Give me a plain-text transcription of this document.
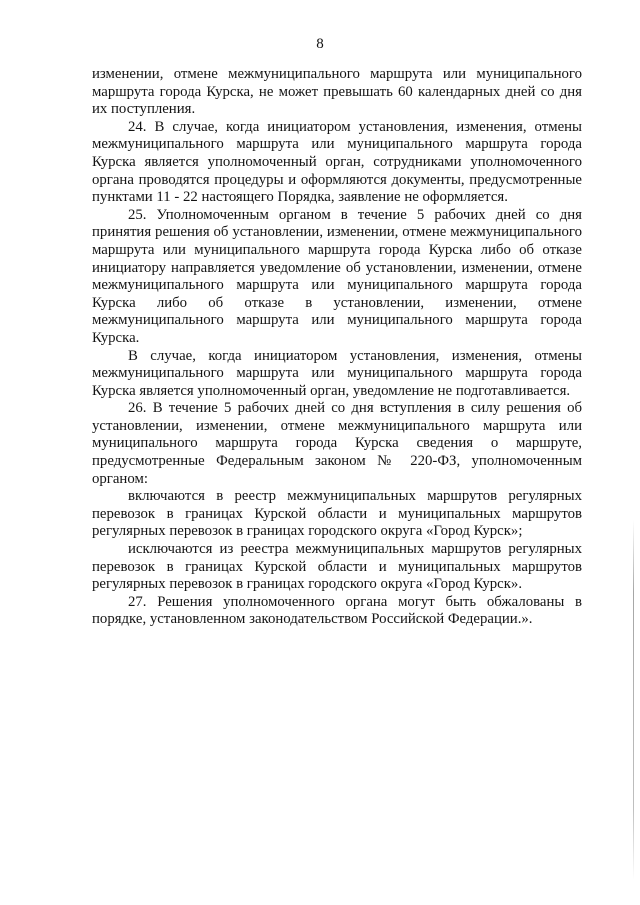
8

изменении, отмене межмуниципального маршрута или муниципального маршрута города Курска, не может превышать 60 календарных дней со дня их поступления.

24. В случае, когда инициатором установления, изменения, отмены межмуниципального маршрута или муниципального маршрута города Курска является уполномоченный орган, сотрудниками уполномоченного органа проводятся процедуры и оформляются документы, предусмотренные пунктами 11 - 22 настоящего Порядка, заявление не оформляется.

25. Уполномоченным органом в течение 5 рабочих дней со дня принятия решения об установлении, изменении, отмене межмуниципального маршрута или муниципального маршрута города Курска либо об отказе инициатору направляется уведомление об установлении, изменении, отмене межмуниципального маршрута или муниципального маршрута города Курска либо об отказе в установлении, изменении, отмене межмуниципального маршрута или муниципального маршрута города Курска.

В случае, когда инициатором установления, изменения, отмены межмуниципального маршрута или муниципального маршрута города Курска является уполномоченный орган, уведомление не подготавливается.

26. В течение 5 рабочих дней со дня вступления в силу решения об установлении, изменении, отмене межмуниципального маршрута или муниципального маршрута города Курска сведения о маршруте, предусмотренные Федеральным законом № 220-ФЗ, уполномоченным органом:

включаются в реестр межмуниципальных маршрутов регулярных перевозок в границах Курской области и муниципальных маршрутов регулярных перевозок в границах городского округа «Город Курск»;

исключаются из реестра межмуниципальных маршрутов регулярных перевозок в границах Курской области и муниципальных маршрутов регулярных перевозок в границах городского округа «Город Курск».

27. Решения уполномоченного органа могут быть обжалованы в порядке, установленном законодательством Российской Федерации.».
